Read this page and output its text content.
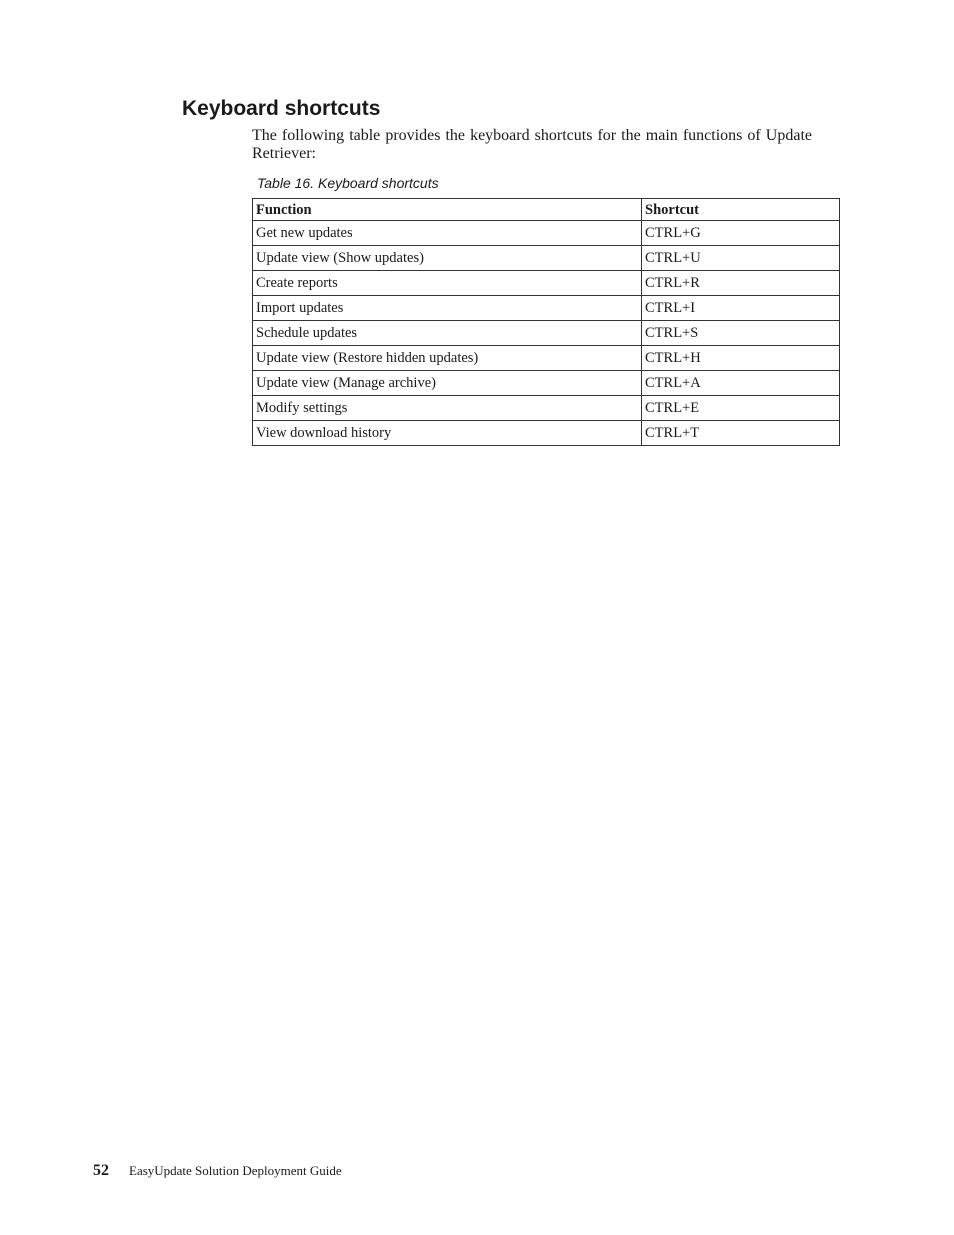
Keyboard shortcuts

The following table provides the keyboard shortcuts for the main functions of Update Retriever:

Table 16. Keyboard shortcuts
Function	Shortcut
Get new updates	CTRL+G
Update view (Show updates)	CTRL+U
Create reports	CTRL+R
Import updates	CTRL+I
Schedule updates	CTRL+S
Update view (Restore hidden updates)	CTRL+H
Update view (Manage archive)	CTRL+A
Modify settings	CTRL+E
View download history	CTRL+T
52 EasyUpdate Solution Deployment Guide
